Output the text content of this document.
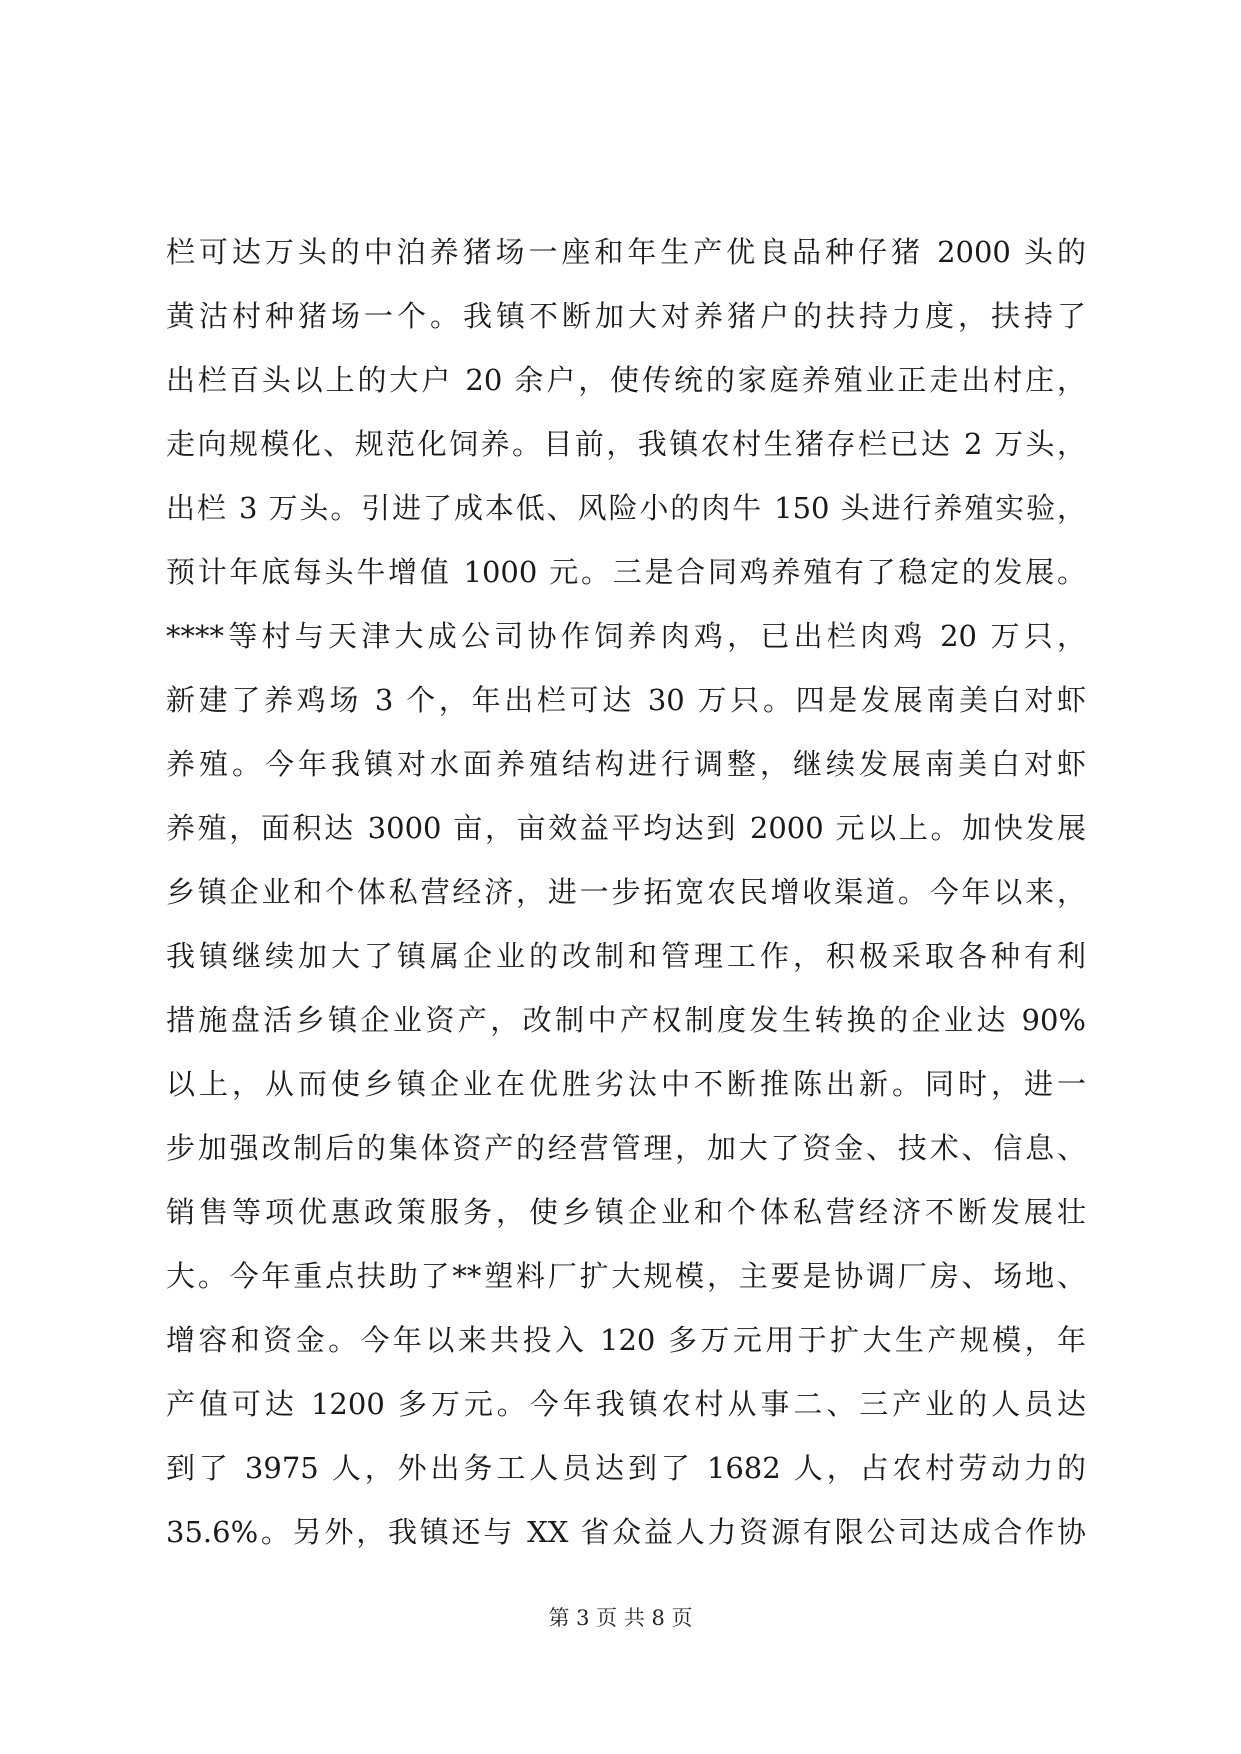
栏可达万头的中泊养猪场一座和年生产优良品种仔猪 2000 头的
黄沽村种猪场一个。我镇不断加大对养猪户的扶持力度，扶持了
出栏百头以上的大户 20 余户，使传统的家庭养殖业正走出村庄，
走向规模化、规范化饲养。目前，我镇农村生猪存栏已达 2 万头，
出栏 3 万头。引进了成本低、风险小的肉牛 150 头进行养殖实验，
预计年底每头牛增值 1000 元。三是合同鸡养殖有了稳定的发展。
****等村与天津大成公司协作饲养肉鸡，已出栏肉鸡 20 万只，
新建了养鸡场 3 个，年出栏可达 30 万只。四是发展南美白对虾
养殖。今年我镇对水面养殖结构进行调整，继续发展南美白对虾
养殖，面积达 3000 亩，亩效益平均达到 2000 元以上。加快发展
乡镇企业和个体私营经济，进一步拓宽农民增收渠道。今年以来，
我镇继续加大了镇属企业的改制和管理工作，积极采取各种有利
措施盘活乡镇企业资产，改制中产权制度发生转换的企业达 90%
以上，从而使乡镇企业在优胜劣汰中不断推陈出新。同时，进一
步加强改制后的集体资产的经营管理，加大了资金、技术、信息、
销售等项优惠政策服务，使乡镇企业和个体私营经济不断发展壮
大。今年重点扶助了**塑料厂扩大规模，主要是协调厂房、场地、
增容和资金。今年以来共投入 120 多万元用于扩大生产规模，年
产值可达 1200 多万元。今年我镇农村从事二、三产业的人员达
到了 3975 人，外出务工人员达到了 1682 人，占农村劳动力的
35.6%。另外，我镇还与 XX 省众益人力资源有限公司达成合作协
第 3 页 共 8 页
